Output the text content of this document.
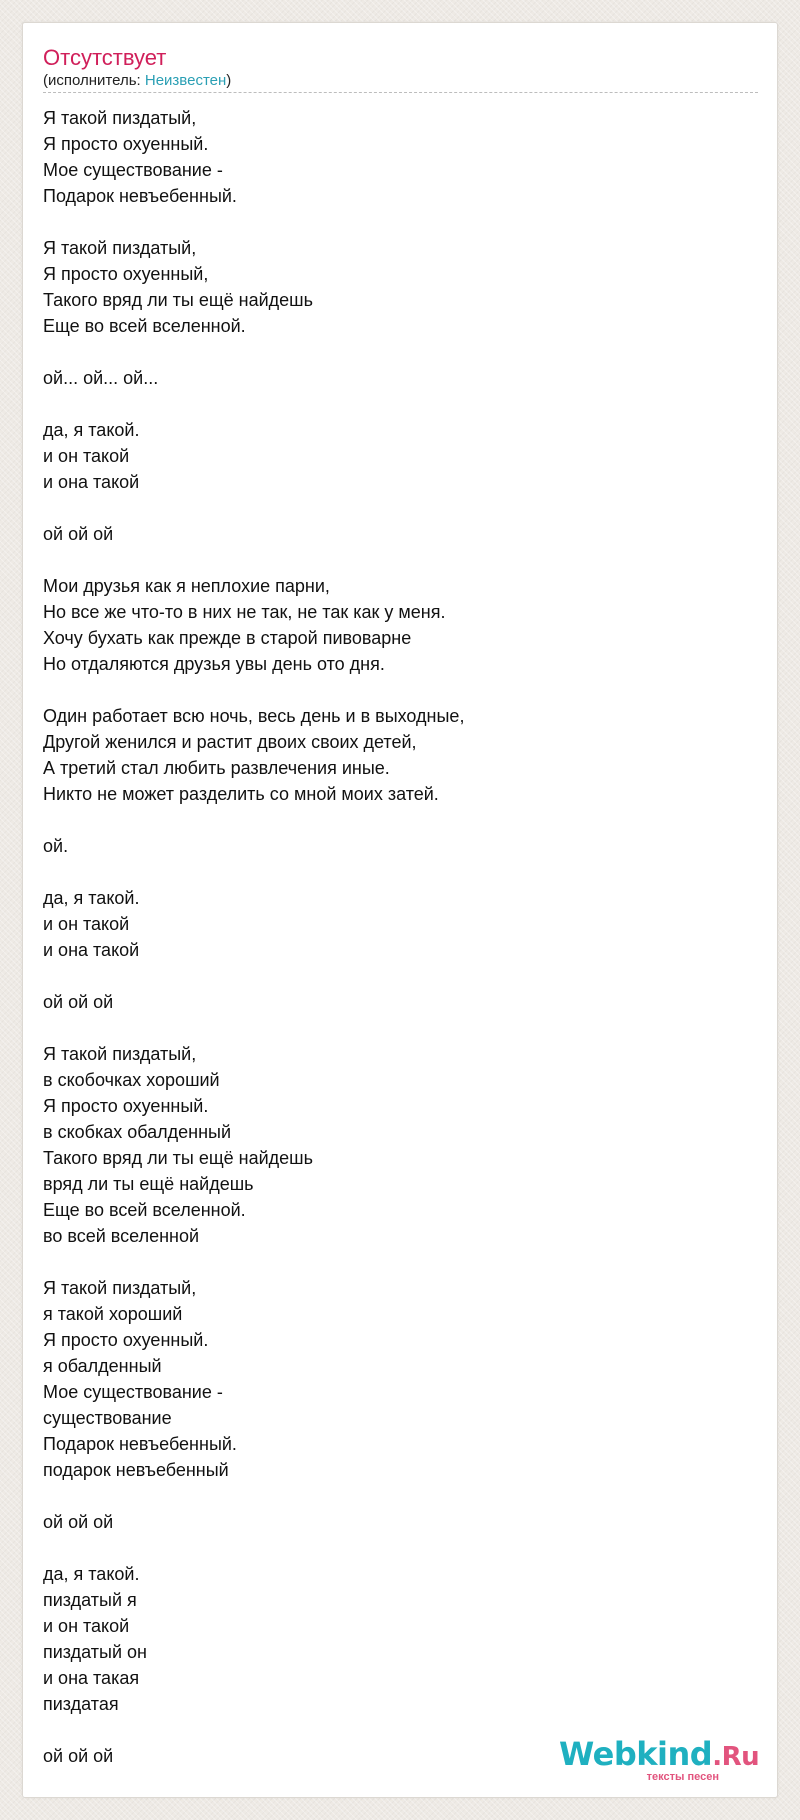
Отсутствует
(исполнитель: Неизвестен)

Я такой пиздатый,
Я просто охуенный.
Мое существование -
Подарок невъебенный.

Я такой пиздатый,
Я просто охуенный,
Такого вряд ли ты ещё найдешь
Еще во всей вселенной.

ой... ой... ой...

да, я такой.
и он такой
и она такой

ой ой ой

Мои друзья как я неплохие парни,
Но все же что-то в них не так, не так как у меня.
Хочу бухать как прежде в старой пивоварне
Но отдаляются друзья увы день ото дня.

Один работает всю ночь, весь день и в выходные,
Другой женился и растит двоих своих детей,
А третий стал любить развлечения иные.
Никто не может разделить со мной моих затей.

ой.

да, я такой.
и он такой
и она такой

ой ой ой

Я такой пиздатый,
в скобочках хороший
Я просто охуенный.
в скобках обалденный
Такого вряд ли ты ещё найдешь
вряд ли ты ещё найдешь
Еще во всей вселенной.
во всей вселенной

Я такой пиздатый,
я такой хороший
Я просто охуенный.
я обалденный
Мое существование -
существование
Подарок невъебенный.
подарок невъебенный

ой ой ой

да, я такой.
пиздатый я
и он такой
пиздатый он
и она такая
пиздатая

ой ой ой	Webkind.Ru
тексты песен
